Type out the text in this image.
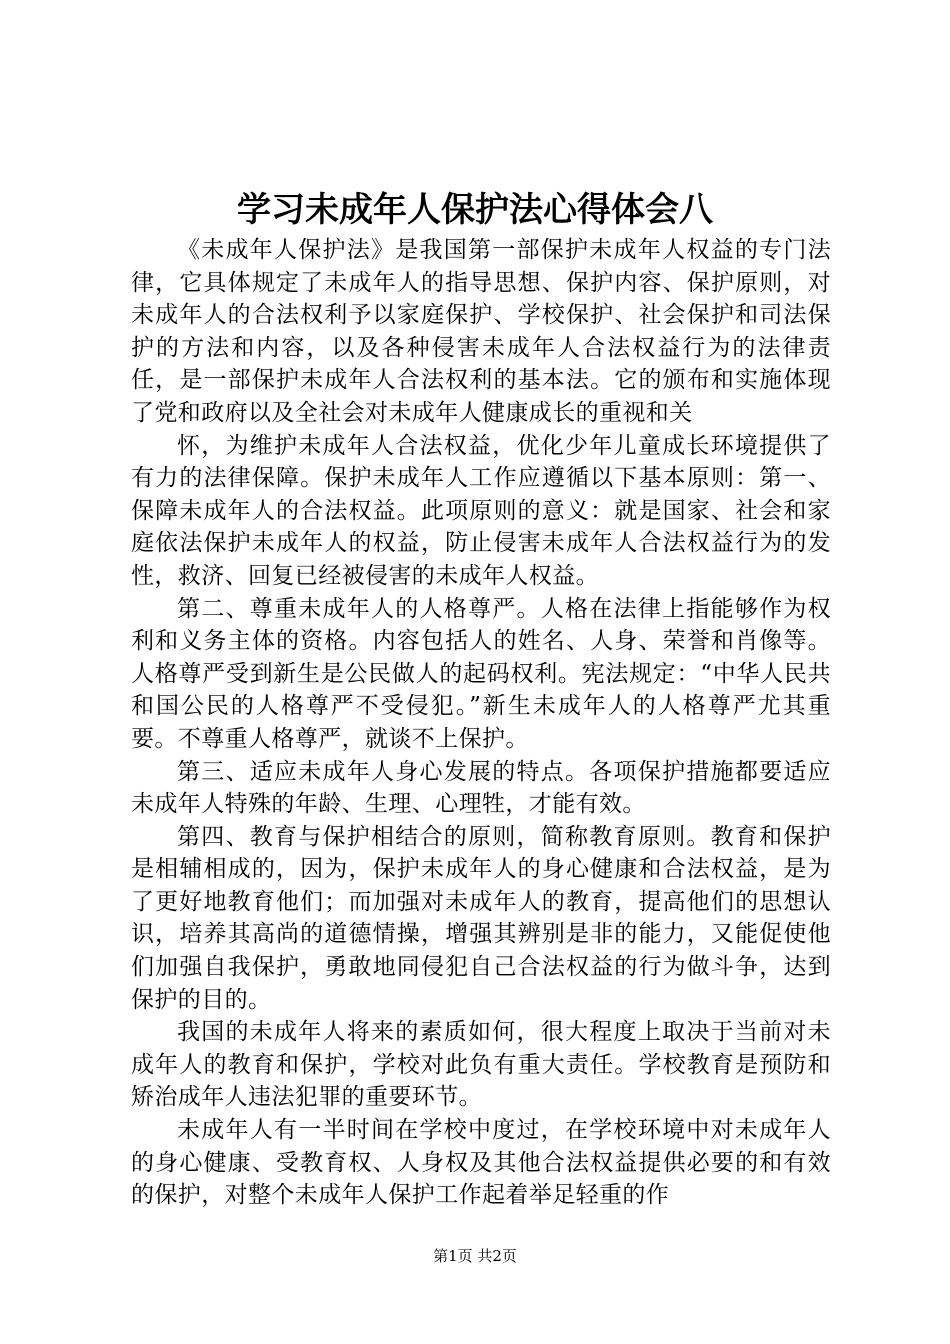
学习未成年人保护法心得体会八

《未成年人保护法》是我国第一部保护未成年人权益的专门法律，它具体规定了未成年人的指导思想、保护内容、保护原则，对未成年人的合法权利予以家庭保护、学校保护、社会保护和司法保护的方法和内容，以及各种侵害未成年人合法权益行为的法律责任，是一部保护未成年人合法权利的基本法。它的颁布和实施体现了党和政府以及全社会对未成年人健康成长的重视和关

怀，为维护未成年人合法权益，优化少年儿童成长环境提供了有力的法律保障。保护未成年人工作应遵循以下基本原则：第一、保障未成年人的合法权益。此项原则的意义：就是国家、社会和家庭依法保护未成年人的权益，防止侵害未成年人合法权益行为的发性，救济、回复已经被侵害的未成年人权益。

第二、尊重未成年人的人格尊严。人格在法律上指能够作为权利和义务主体的资格。内容包括人的姓名、人身、荣誉和肖像等。人格尊严受到新生是公民做人的起码权利。宪法规定：“中华人民共和国公民的人格尊严不受侵犯。”新生未成年人的人格尊严尤其重要。不尊重人格尊严，就谈不上保护。

第三、适应未成年人身心发展的特点。各项保护措施都要适应未成年人特殊的年龄、生理、心理牲，才能有效。

第四、教育与保护相结合的原则，简称教育原则。教育和保护是相辅相成的，因为，保护未成年人的身心健康和合法权益，是为了更好地教育他们；而加强对未成年人的教育，提高他们的思想认识，培养其高尚的道德情操，增强其辨别是非的能力，又能促使他们加强自我保护，勇敢地同侵犯自己合法权益的行为做斗争，达到保护的目的。

我国的未成年人将来的素质如何，很大程度上取决于当前对未成年人的教育和保护，学校对此负有重大责任。学校教育是预防和矫治成年人违法犯罪的重要环节。

未成年人有一半时间在学校中度过，在学校环境中对未成年人的身心健康、受教育权、人身权及其他合法权益提供必要的和有效的保护，对整个未成年人保护工作起着举足轻重的作

第1页 共2页
